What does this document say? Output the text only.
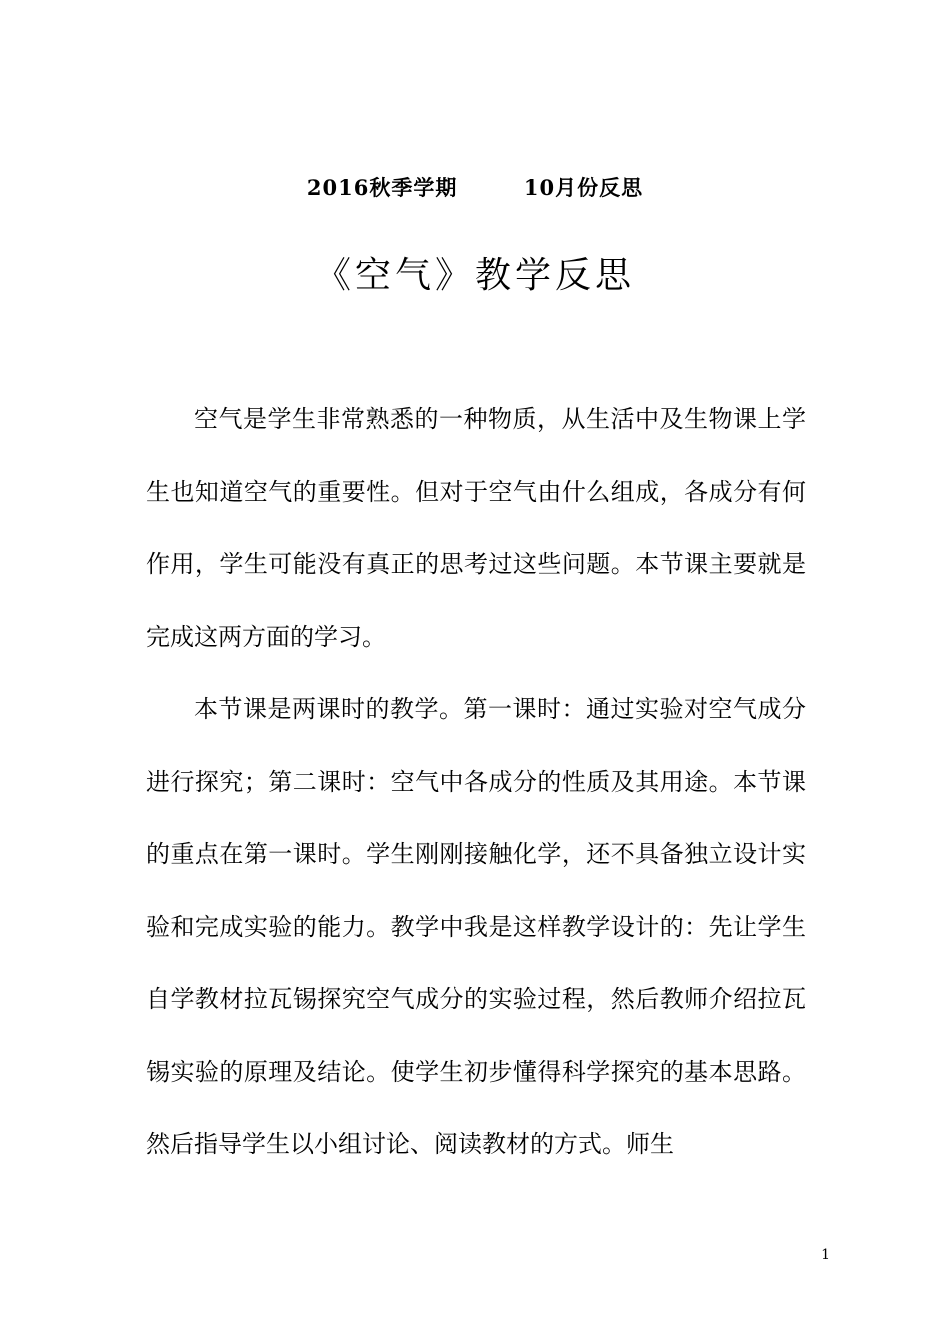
2016秋季学期        10月份反思
《空气》教学反思

空气是学生非常熟悉的一种物质，从生活中及生物课上学生也知道空气的重要性。但对于空气由什么组成，各成分有何作用，学生可能没有真正的思考过这些问题。本节课主要就是完成这两方面的学习。

本节课是两课时的教学。第一课时：通过实验对空气成分进行探究；第二课时：空气中各成分的性质及其用途。本节课的重点在第一课时。学生刚刚接触化学，还不具备独立设计实验和完成实验的能力。教学中我是这样教学设计的：先让学生自学教材拉瓦锡探究空气成分的实验过程，然后教师介绍拉瓦锡实验的原理及结论。使学生初步懂得科学探究的基本思路。然后指导学生以小组讨论、阅读教材的方式。师生

1
